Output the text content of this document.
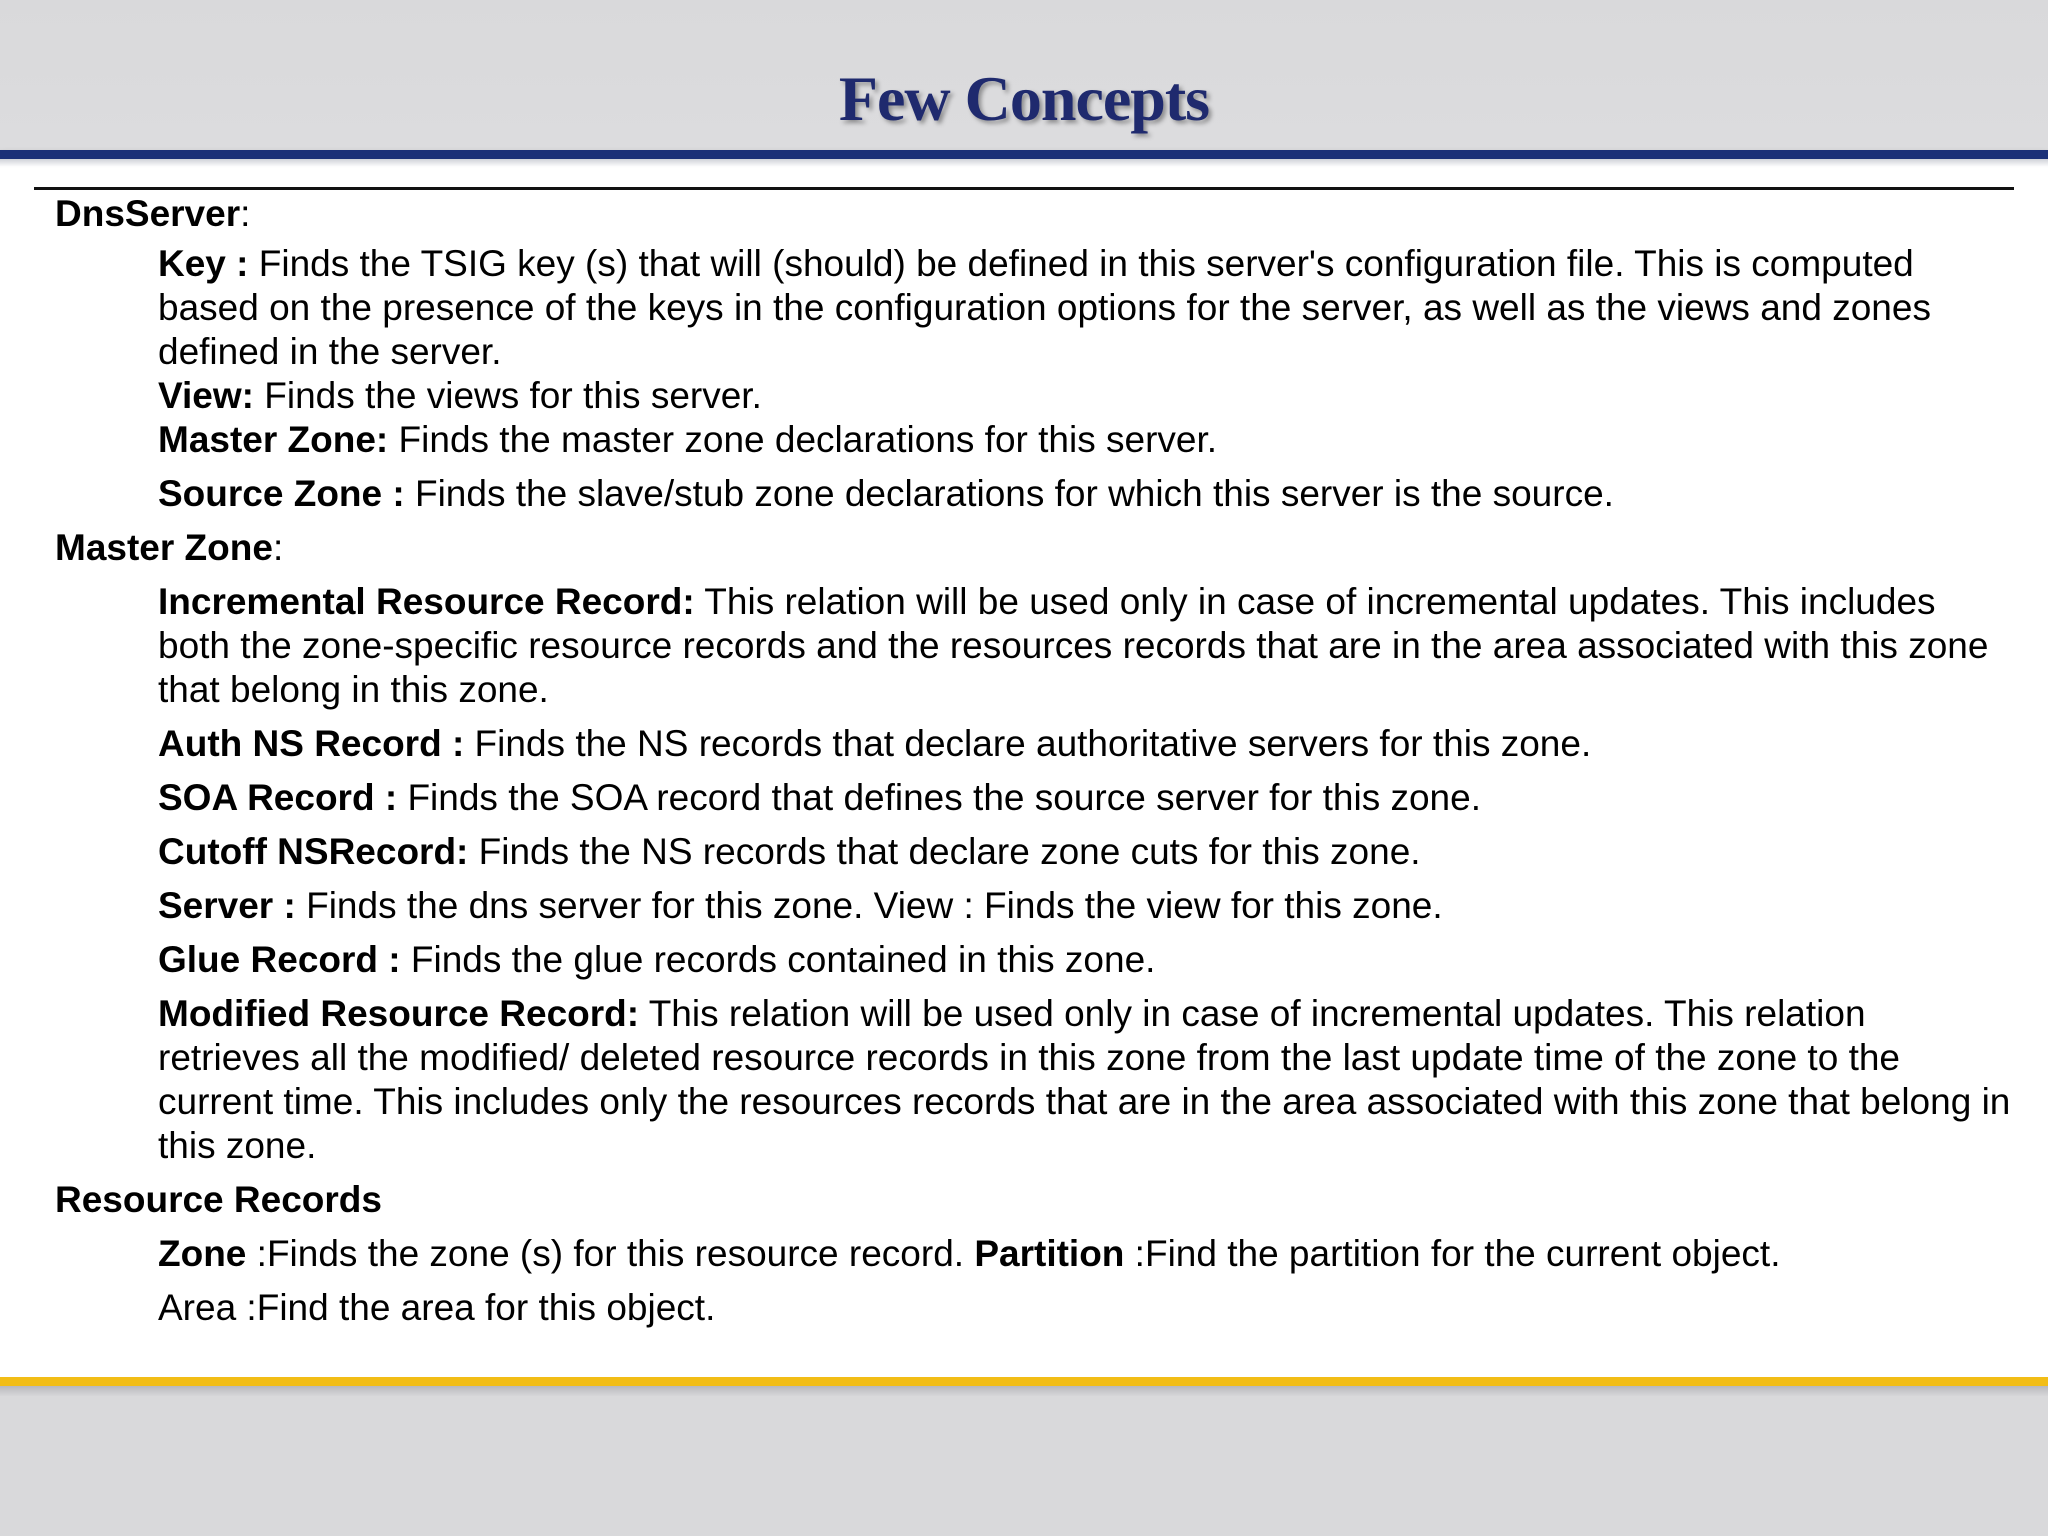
Few Concepts
DnsServer:
Key : Finds the TSIG key (s) that will (should) be defined in this server's configuration file. This is computed based on the presence of the keys in the configuration options for the server, as well as the views and zones defined in the server.
View: Finds the views for this server.
Master Zone: Finds the master zone declarations for this server.
Source Zone : Finds the slave/stub zone declarations for which this server is the source.
Master Zone:
Incremental Resource Record: This relation will be used only in case of incremental updates. This includes both the zone-specific resource records and the resources records that are in the area associated with this zone that belong in this zone.
Auth NS Record : Finds the NS records that declare authoritative servers for this zone.
SOA Record : Finds the SOA record that defines the source server for this zone.
Cutoff NSRecord: Finds the NS records that declare zone cuts for this zone.
Server : Finds the dns server for this zone. View : Finds the view for this zone.
Glue Record : Finds the glue records contained in this zone.
Modified Resource Record: This relation will be used only in case of incremental updates. This relation retrieves all the modified/ deleted resource records in this zone from the last update time of the zone to the current time. This includes only the resources records that are in the area associated with this zone that belong in this zone.
Resource Records
Zone :Finds the zone (s) for this resource record. Partition :Find the partition for the current object.
Area :Find the area for this object.
